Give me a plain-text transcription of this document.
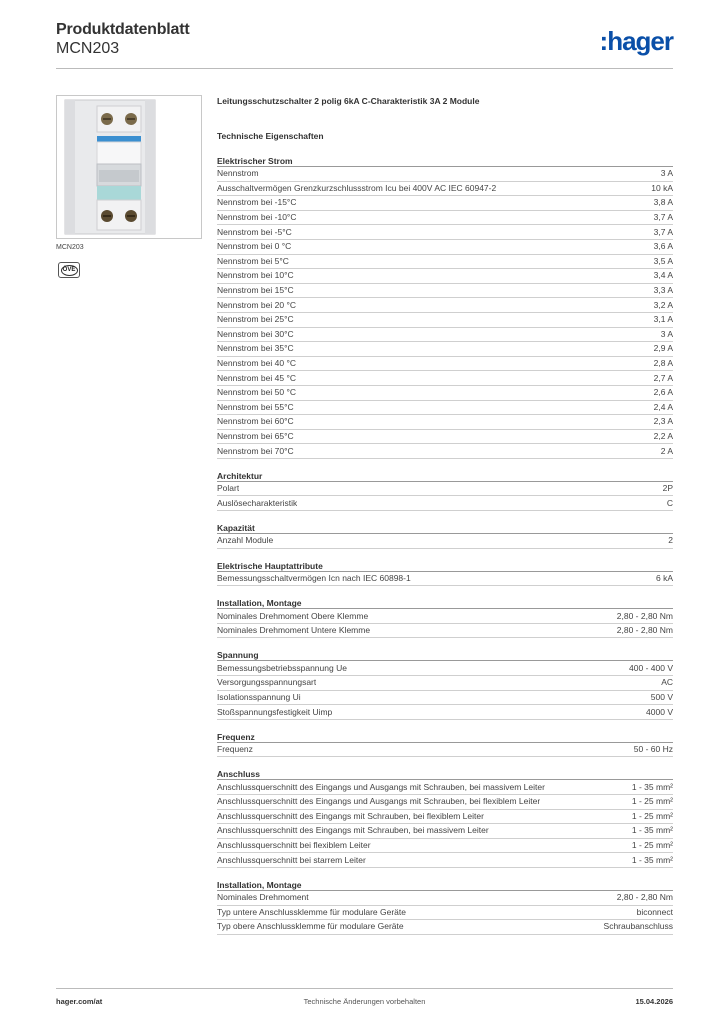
Produktdatenblatt
MCN203	:hager
MCN203
ÖVE
Leitungsschutzschalter 2 polig 6kA C-Charakteristik 3A 2 Module
Technische Eigenschaften
Elektrischer Strom
Nennstrom	3 A
Ausschaltvermögen Grenzkurzschlussstrom Icu bei 400V AC IEC 60947-2	10 kA
Nennstrom bei -15°C	3,8 A
Nennstrom bei -10°C	3,7 A
Nennstrom bei -5°C	3,7 A
Nennstrom bei 0 °C	3,6 A
Nennstrom bei 5°C	3,5 A
Nennstrom bei 10°C	3,4 A
Nennstrom bei 15°C	3,3 A
Nennstrom bei 20 °C	3,2 A
Nennstrom bei 25°C	3,1 A
Nennstrom bei 30°C	3 A
Nennstrom bei 35°C	2,9 A
Nennstrom bei 40 °C	2,8 A
Nennstrom bei 45 °C	2,7 A
Nennstrom bei 50 °C	2,6 A
Nennstrom bei 55°C	2,4 A
Nennstrom bei 60°C	2,3 A
Nennstrom bei 65°C	2,2 A
Nennstrom bei 70°C	2 A
Architektur
Polart	2P
Auslösecharakteristik	C
Kapazität
Anzahl Module	2
Elektrische Hauptattribute
Bemessungsschaltvermögen Icn nach IEC 60898-1	6 kA
Installation, Montage
Nominales Drehmoment Obere Klemme	2,80 - 2,80 Nm
Nominales Drehmoment Untere Klemme	2,80 - 2,80 Nm
Spannung
Bemessungsbetriebsspannung Ue	400 - 400 V
Versorgungsspannungsart	AC
Isolationsspannung Ui	500 V
Stoßspannungsfestigkeit Uimp	4000 V
Frequenz
Frequenz	50 - 60 Hz
Anschluss
Anschlussquerschnitt des Eingangs und Ausgangs mit Schrauben, bei massivem Leiter	1 - 35 mm²
Anschlussquerschnitt des Eingangs und Ausgangs mit Schrauben, bei flexiblem Leiter	1 - 25 mm²
Anschlussquerschnitt des Eingangs mit Schrauben, bei flexiblem Leiter	1 - 25 mm²
Anschlussquerschnitt des Eingangs mit Schrauben, bei massivem Leiter	1 - 35 mm²
Anschlussquerschnitt bei flexiblem Leiter	1 - 25 mm²
Anschlussquerschnitt bei starrem Leiter	1 - 35 mm²
Installation, Montage
Nominales Drehmoment	2,80 - 2,80 Nm
Typ untere Anschlussklemme für modulare Geräte	biconnect
Typ obere Anschlussklemme für modulare Geräte	Schraubanschluss
hager.com/at	Technische Änderungen vorbehalten	15.04.2026
